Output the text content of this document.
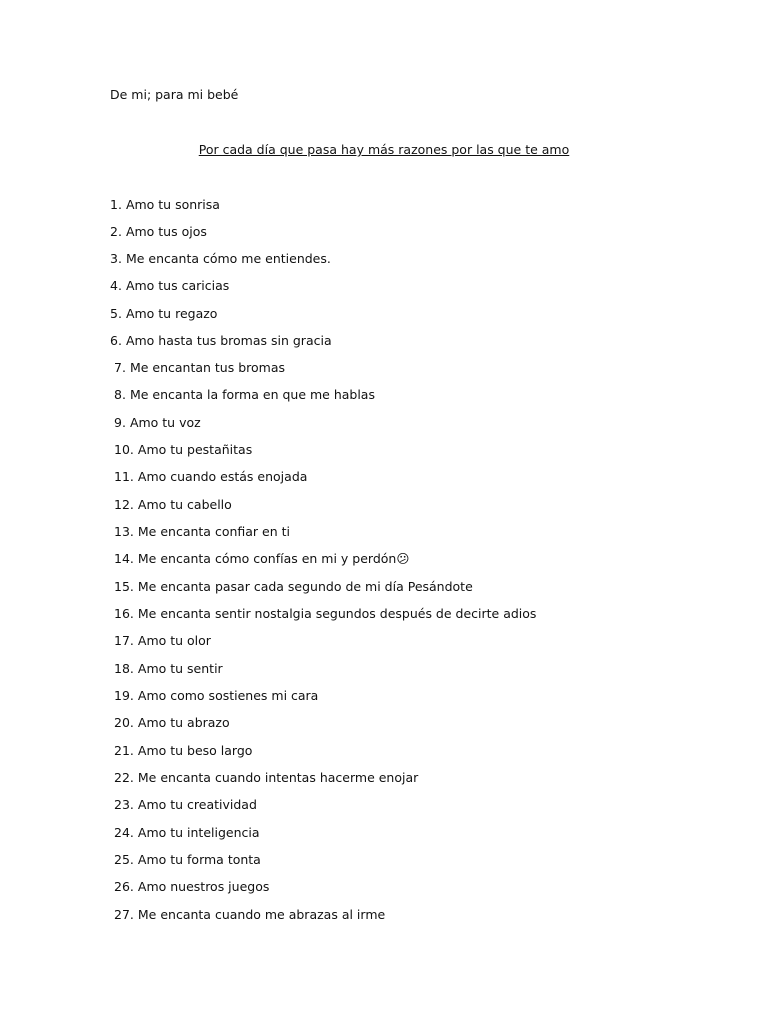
De mi; para mi bebé
Por cada día que pasa hay más razones por las que te amo
1. Amo tu sonrisa
2. Amo tus ojos
3. Me encanta cómo me entiendes.
4. Amo tus caricias
5. Amo tu regazo
6. Amo hasta tus bromas sin gracia
7. Me encantan tus bromas
8. Me encanta la forma en que me hablas
9. Amo tu voz
10. Amo tu pestañitas
11. Amo cuando estás enojada
12. Amo tu cabello
13. Me encanta confiar en ti
14. Me encanta cómo confías en mi y perdón😕
15. Me encanta pasar cada segundo de mi día Pesándote
16. Me encanta sentir nostalgia segundos después de decirte adios
17. Amo tu olor
18. Amo tu sentir
19. Amo como sostienes mi cara
20. Amo tu abrazo
21. Amo tu beso largo
22. Me encanta cuando intentas hacerme enojar
23. Amo tu creatividad
24. Amo tu inteligencia
25. Amo tu forma tonta
26. Amo nuestros juegos
27. Me encanta cuando me abrazas al irme
